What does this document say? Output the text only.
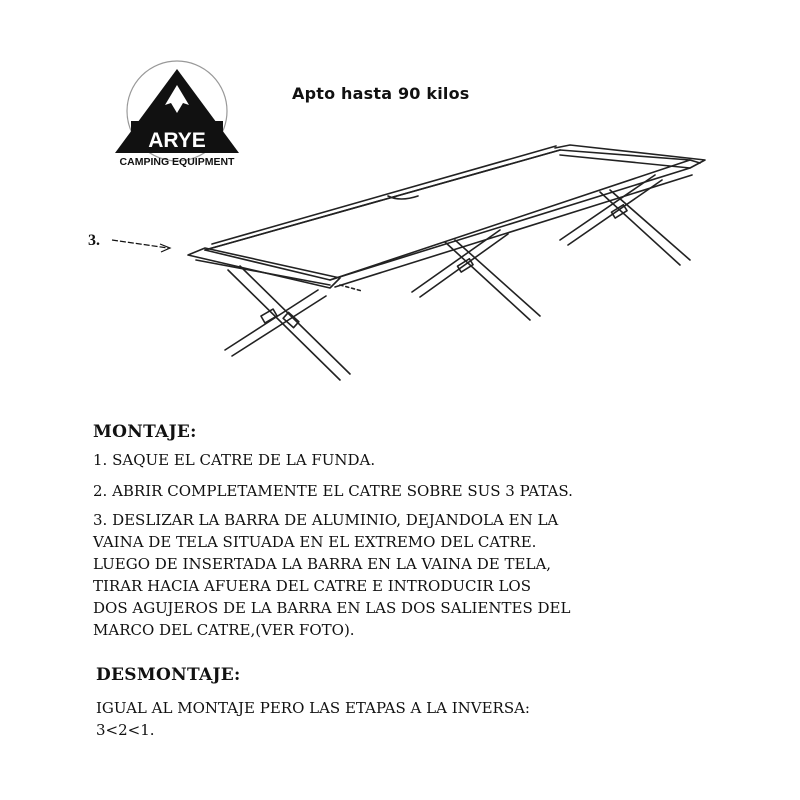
ARYE
CAMPING EQUIPMENT
Apto hasta 90 kilos
3.
MONTAJE:
1. SAQUE EL CATRE DE LA FUNDA.
2. ABRIR COMPLETAMENTE EL CATRE SOBRE SUS 3 PATAS.
3. DESLIZAR LA BARRA DE ALUMINIO, DEJANDOLA EN LA
VAINA DE TELA SITUADA EN EL EXTREMO DEL CATRE.
LUEGO DE INSERTADA LA BARRA EN LA VAINA DE TELA,
TIRAR HACIA AFUERA DEL CATRE E INTRODUCIR LOS
DOS AGUJEROS DE LA BARRA EN LAS DOS SALIENTES DEL
MARCO DEL CATRE,(VER FOTO).
DESMONTAJE:
IGUAL AL MONTAJE PERO LAS ETAPAS A LA INVERSA:
3<2<1.
